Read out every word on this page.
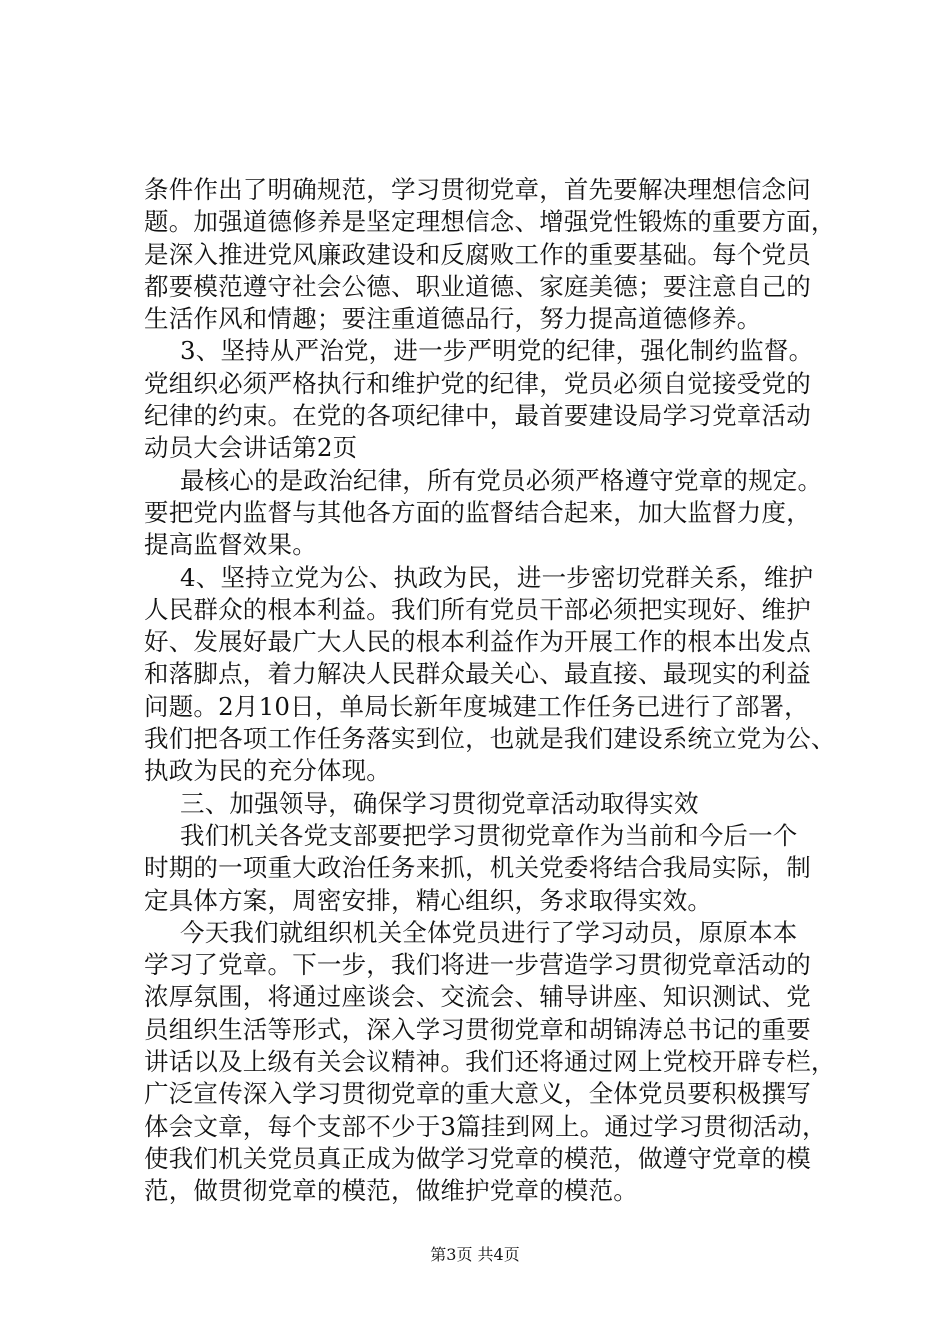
条件作出了明确规范，学习贯彻党章，首先要解决理想信念问
题。加强道德修养是坚定理想信念、增强党性锻炼的重要方面，
是深入推进党风廉政建设和反腐败工作的重要基础。每个党员
都要模范遵守社会公德、职业道德、家庭美德；要注意自己的
生活作风和情趣；要注重道德品行，努力提高道德修养。
3、坚持从严治党，进一步严明党的纪律，强化制约监督。
党组织必须严格执行和维护党的纪律，党员必须自觉接受党的
纪律的约束。在党的各项纪律中，最首要建设局学习党章活动
动员大会讲话第2页
最核心的是政治纪律，所有党员必须严格遵守党章的规定。
要把党内监督与其他各方面的监督结合起来，加大监督力度，
提高监督效果。
4、坚持立党为公、执政为民，进一步密切党群关系，维护
人民群众的根本利益。我们所有党员干部必须把实现好、维护
好、发展好最广大人民的根本利益作为开展工作的根本出发点
和落脚点，着力解决人民群众最关心、最直接、最现实的利益
问题。2月10日，单局长新年度城建工作任务已进行了部署，
我们把各项工作任务落实到位，也就是我们建设系统立党为公、
执政为民的充分体现。
三、加强领导，确保学习贯彻党章活动取得实效
我们机关各党支部要把学习贯彻党章作为当前和今后一个
时期的一项重大政治任务来抓，机关党委将结合我局实际，制
定具体方案，周密安排，精心组织，务求取得实效。
今天我们就组织机关全体党员进行了学习动员，原原本本
学习了党章。下一步，我们将进一步营造学习贯彻党章活动的
浓厚氛围，将通过座谈会、交流会、辅导讲座、知识测试、党
员组织生活等形式，深入学习贯彻党章和胡锦涛总书记的重要
讲话以及上级有关会议精神。我们还将通过网上党校开辟专栏，
广泛宣传深入学习贯彻党章的重大意义，全体党员要积极撰写
体会文章，每个支部不少于3篇挂到网上。通过学习贯彻活动，
使我们机关党员真正成为做学习党章的模范，做遵守党章的模
范，做贯彻党章的模范，做维护党章的模范。
第3页 共4页
